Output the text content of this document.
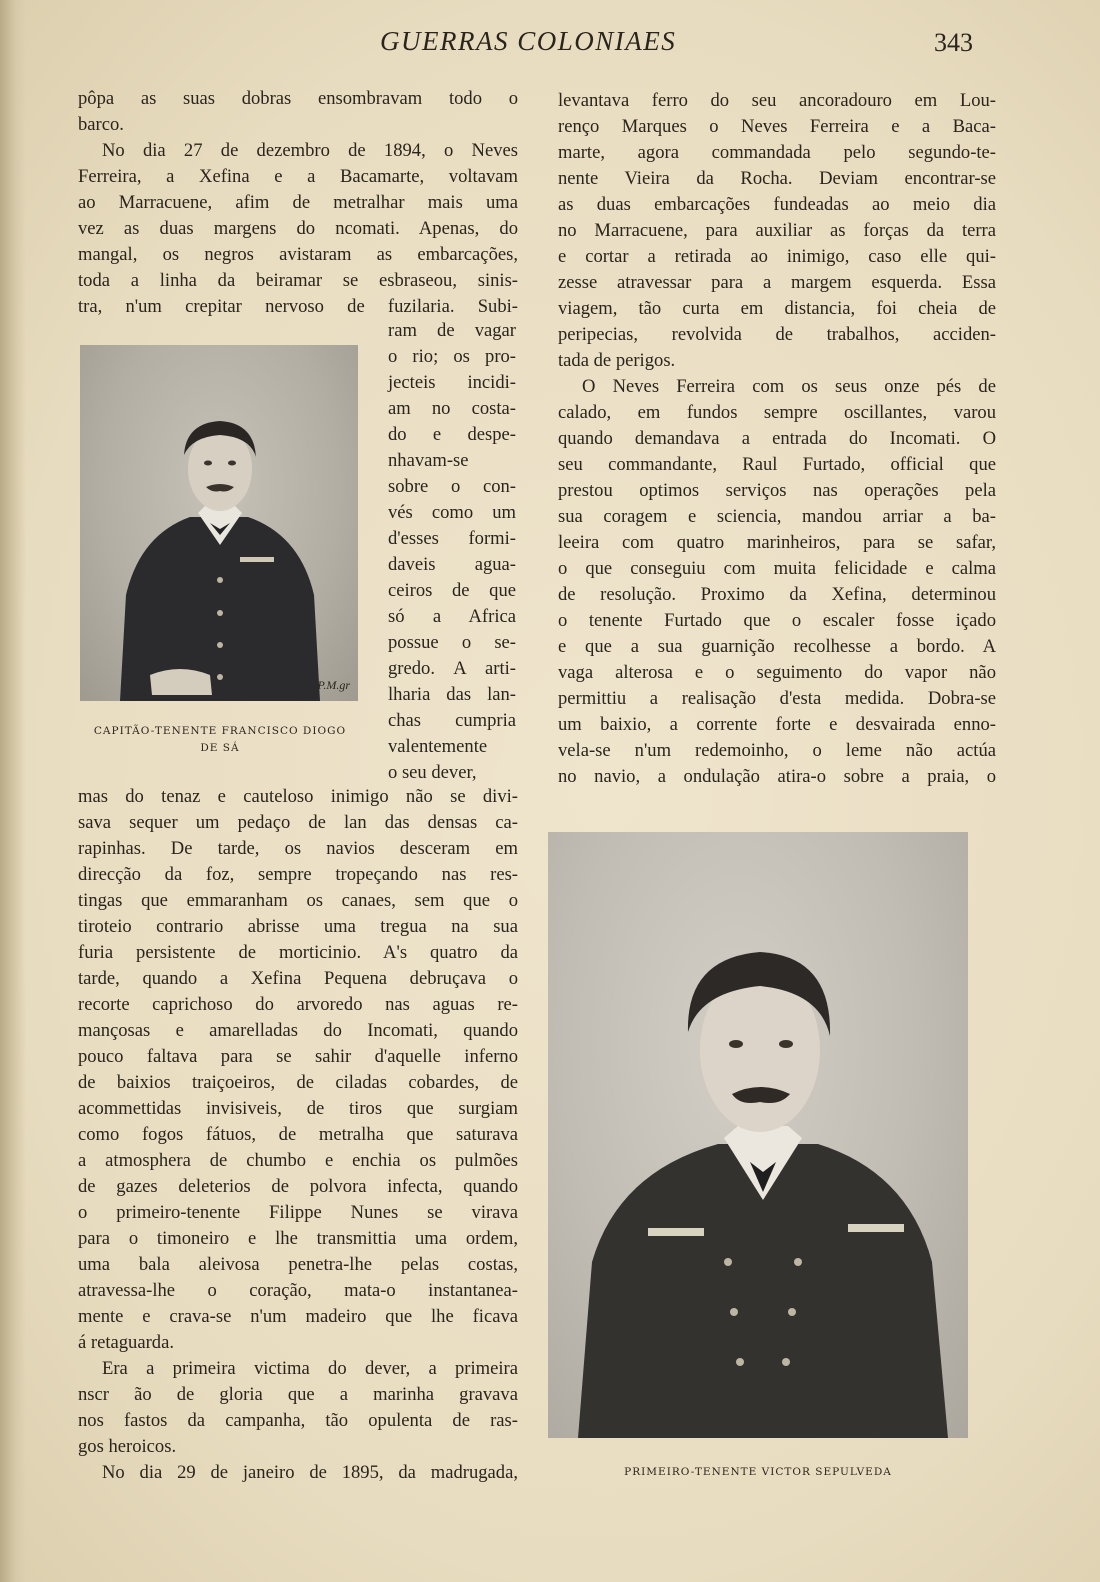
GUERRAS COLONIAES	343
pôpa as suas dobras ensombravam todo o
barco.
No dia 27 de dezembro de 1894, o Neves
Ferreira, a Xefina e a Bacamarte, voltavam
ao Marracuene, afim de metralhar mais uma
vez as duas margens do ncomati. Apenas, do
mangal, os negros avistaram as embarcações,
toda a linha da beiramar se esbraseou, sinis-
tra, n'um crepitar nervoso de fuzilaria. Subi-
P.M.gr
CAPITÃO-TENENTE FRANCISCO DIOGO
DE SÁ
ram de vagar
o rio; os pro-
jecteis incidi-
am no costa-
do e despe-
nhavam-se
sobre o con-
vés como um
d'esses formi-
daveis agua-
ceiros de que
só a Africa
possue o se-
gredo. A arti-
lharia das lan-
chas cumpria
valentemente
o seu dever,
mas do tenaz e cauteloso inimigo não se divi-
sava sequer um pedaço de lan das densas ca-
rapinhas. De tarde, os navios desceram em
direcção da foz, sempre tropeçando nas res-
tingas que emmaranham os canaes, sem que o
tiroteio contrario abrisse uma tregua na sua
furia persistente de morticinio. A's quatro da
tarde, quando a Xefina Pequena debruçava o
recorte caprichoso do arvoredo nas aguas re-
mançosas e amarelladas do Incomati, quando
pouco faltava para se sahir d'aquelle inferno
de baixios traiçoeiros, de ciladas cobardes, de
acommettidas invisiveis, de tiros que surgiam
como fogos fátuos, de metralha que saturava
a atmosphera de chumbo e enchia os pulmões
de gazes deleterios de polvora infecta, quando
o primeiro-tenente Filippe Nunes se virava
para o timoneiro e lhe transmittia uma ordem,
uma bala aleivosa penetra-lhe pelas costas,
atravessa-lhe o coração, mata-o instantanea-
mente e crava-se n'um madeiro que lhe ficava
á retaguarda.
Era a primeira victima do dever, a primeira
nscr ão de gloria que a marinha gravava
nos fastos da campanha, tão opulenta de ras-
gos heroicos.
No dia 29 de janeiro de 1895, da madrugada,
levantava ferro do seu ancoradouro em Lou-
renço Marques o Neves Ferreira e a Baca-
marte, agora commandada pelo segundo-te-
nente Vieira da Rocha. Deviam encontrar-se
as duas embarcações fundeadas ao meio dia
no Marracuene, para auxiliar as forças da terra
e cortar a retirada ao inimigo, caso elle qui-
zesse atravessar para a margem esquerda. Essa
viagem, tão curta em distancia, foi cheia de
peripecias, revolvida de trabalhos, acciden-
tada de perigos.
O Neves Ferreira com os seus onze pés de
calado, em fundos sempre oscillantes, varou
quando demandava a entrada do Incomati. O
seu commandante, Raul Furtado, official que
prestou optimos serviços nas operações pela
sua coragem e sciencia, mandou arriar a ba-
leeira com quatro marinheiros, para se safar,
o que conseguiu com muita felicidade e calma
de resolução. Proximo da Xefina, determinou
o tenente Furtado que o escaler fosse içado
e que a sua guarnição recolhesse a bordo. A
vaga alterosa e o seguimento do vapor não
permittiu a realisação d'esta medida. Dobra-se
um baixio, a corrente forte e desvairada enno-
vela-se n'um redemoinho, o leme não actúa
no navio, a ondulação atira-o sobre a praia, o
PRIMEIRO-TENENTE VICTOR SEPULVEDA
